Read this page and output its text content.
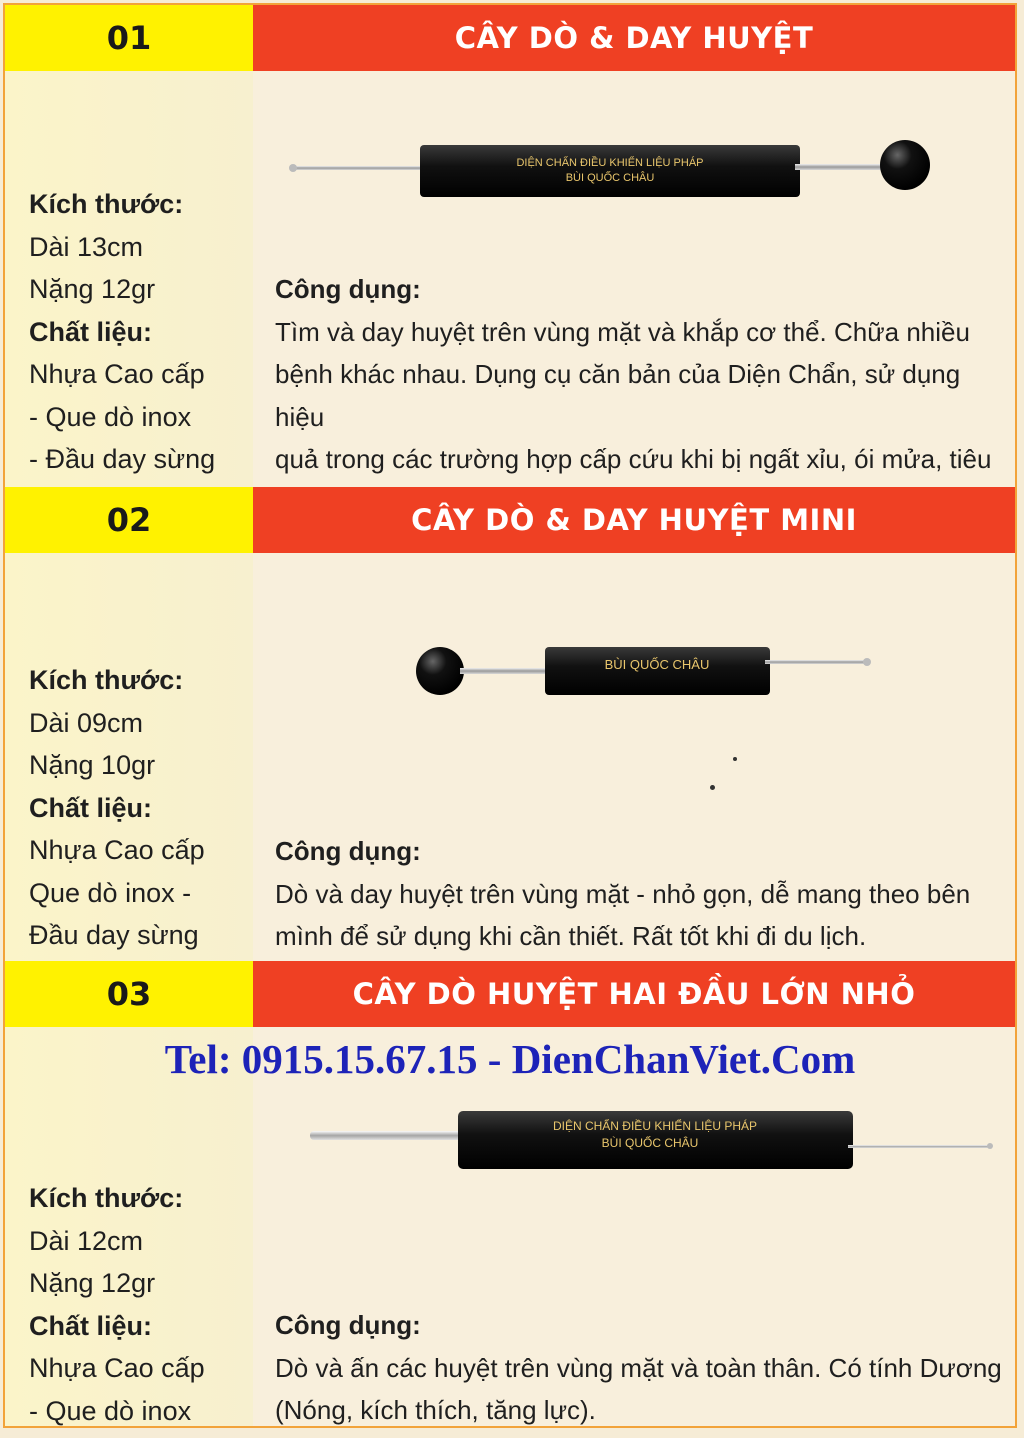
01	CÂY DÒ & DAY HUYỆT
DIỆN CHẨN ĐIỀU KHIỂN LIỆU PHÁP
BÙI QUỐC CHÂU
Kích thước:
Dài 13cm
Nặng 12gr
Chất liệu:
Nhựa Cao cấp
- Que dò inox
- Đầu day sừng
Công dụng:
Tìm và day huyệt trên vùng mặt và khắp cơ thể. Chữa nhiều
bệnh khác nhau. Dụng cụ căn bản của Diện Chẩn, sử dụng hiệu
quả trong các trường hợp cấp cứu khi bị ngất xỉu, ói mửa, tiêu
02	CÂY DÒ & DAY HUYỆT MINI
BÙI QUỐC CHÂU
Kích thước:
Dài 09cm
Nặng 10gr
Chất liệu:
Nhựa Cao cấp
Que dò inox -
Đầu day sừng
Công dụng:
Dò và day huyệt trên vùng mặt - nhỏ gọn, dễ mang theo bên
mình để sử dụng khi cần thiết. Rất tốt khi đi du lịch.
03	CÂY DÒ HUYỆT HAI ĐẦU LỚN NHỎ
DIỆN CHẨN ĐIỀU KHIỂN LIỆU PHÁP
BÙI QUỐC CHÂU
Kích thước:
Dài 12cm
Nặng 12gr
Chất liệu:
Nhựa Cao cấp
- Que dò inox
Công dụng:
Dò và ấn các huyệt trên vùng mặt và toàn thân. Có tính Dương
(Nóng, kích thích, tăng lực).
Tel: 0915.15.67.15 - DienChanViet.Com
